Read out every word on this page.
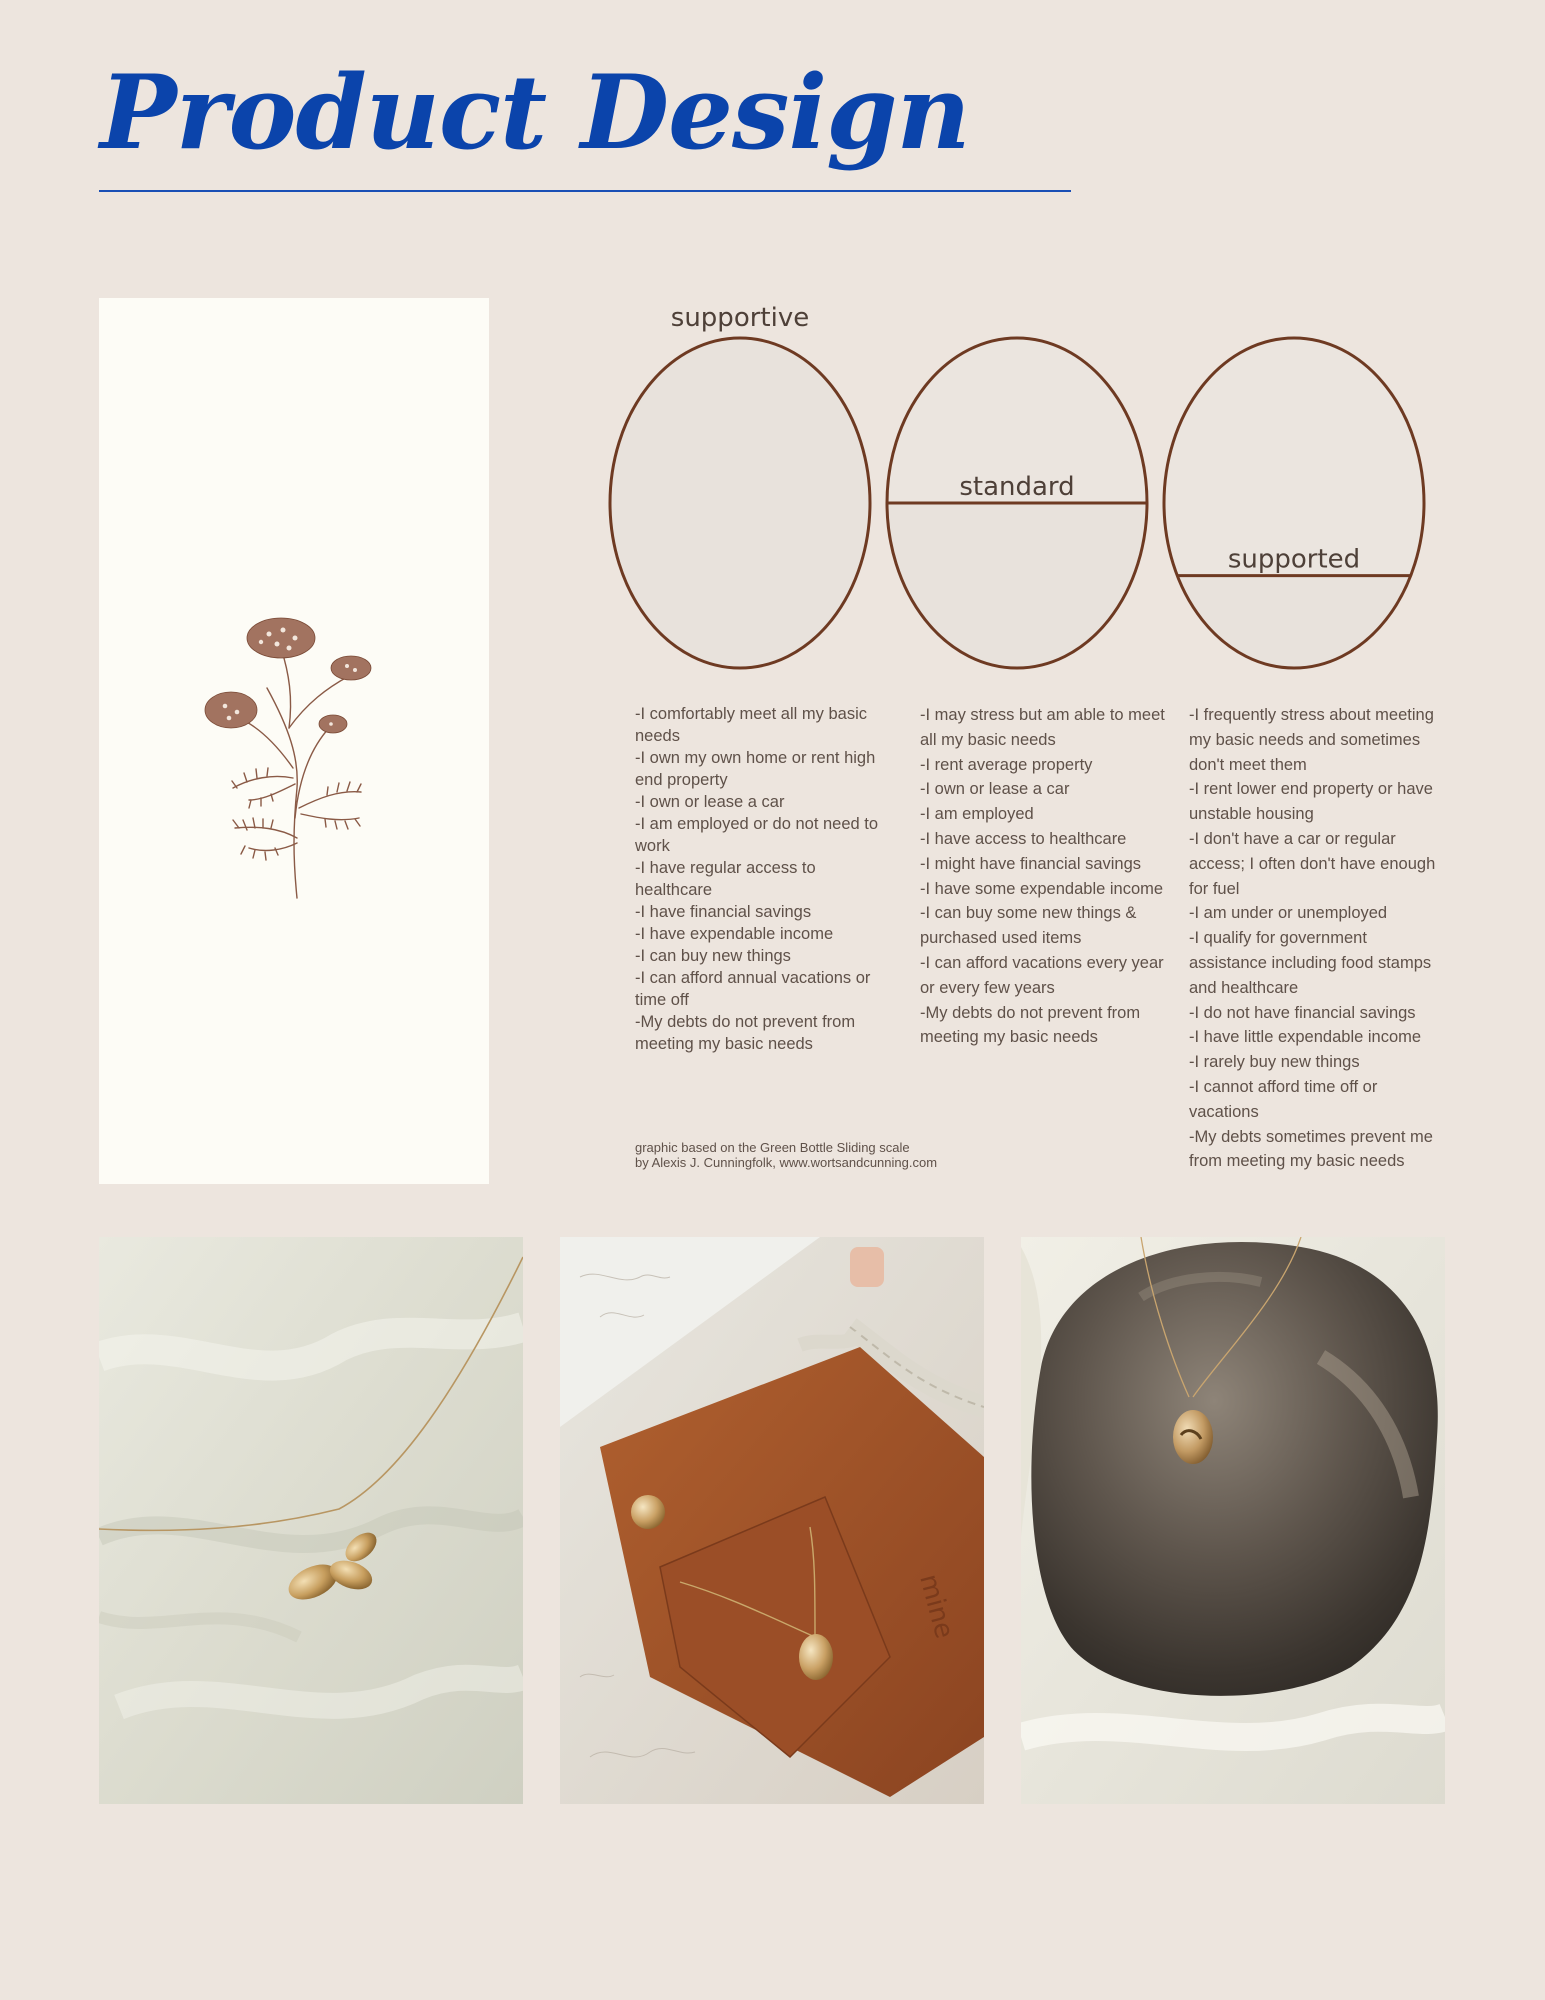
Product Design
supportive
standard
supported
-I comfortably meet all my basic needs
-I own my own home or rent high end property
-I own or lease a car
-I am employed or do not need to work
-I have regular access to healthcare
-I have financial savings
-I have expendable income
-I can buy new things
-I can afford annual vacations or time off
-My debts do not prevent from meeting my basic needs
-I may stress but am able to meet all my basic needs
-I rent average property
-I own or lease a car
-I am employed
-I have access to healthcare
-I might have financial savings
-I have some expendable income
-I can buy some new things & purchased used items
-I can afford vacations every year or every few years
-My debts do not prevent from meeting my basic needs
-I frequently stress about meeting my basic needs and sometimes don't meet them
-I rent lower end property or have unstable housing
-I don't have a car or regular access; I often don't have enough for fuel
-I am under or unemployed
-I qualify for government assistance including food stamps and healthcare
-I do not have financial savings
-I have little expendable income
-I rarely buy new things
-I cannot afford time off or vacations
-My debts sometimes prevent me from meeting my basic needs
graphic based on the Green Bottle Sliding scale
by Alexis J. Cunningfolk, www.wortsandcunning.com
mine
